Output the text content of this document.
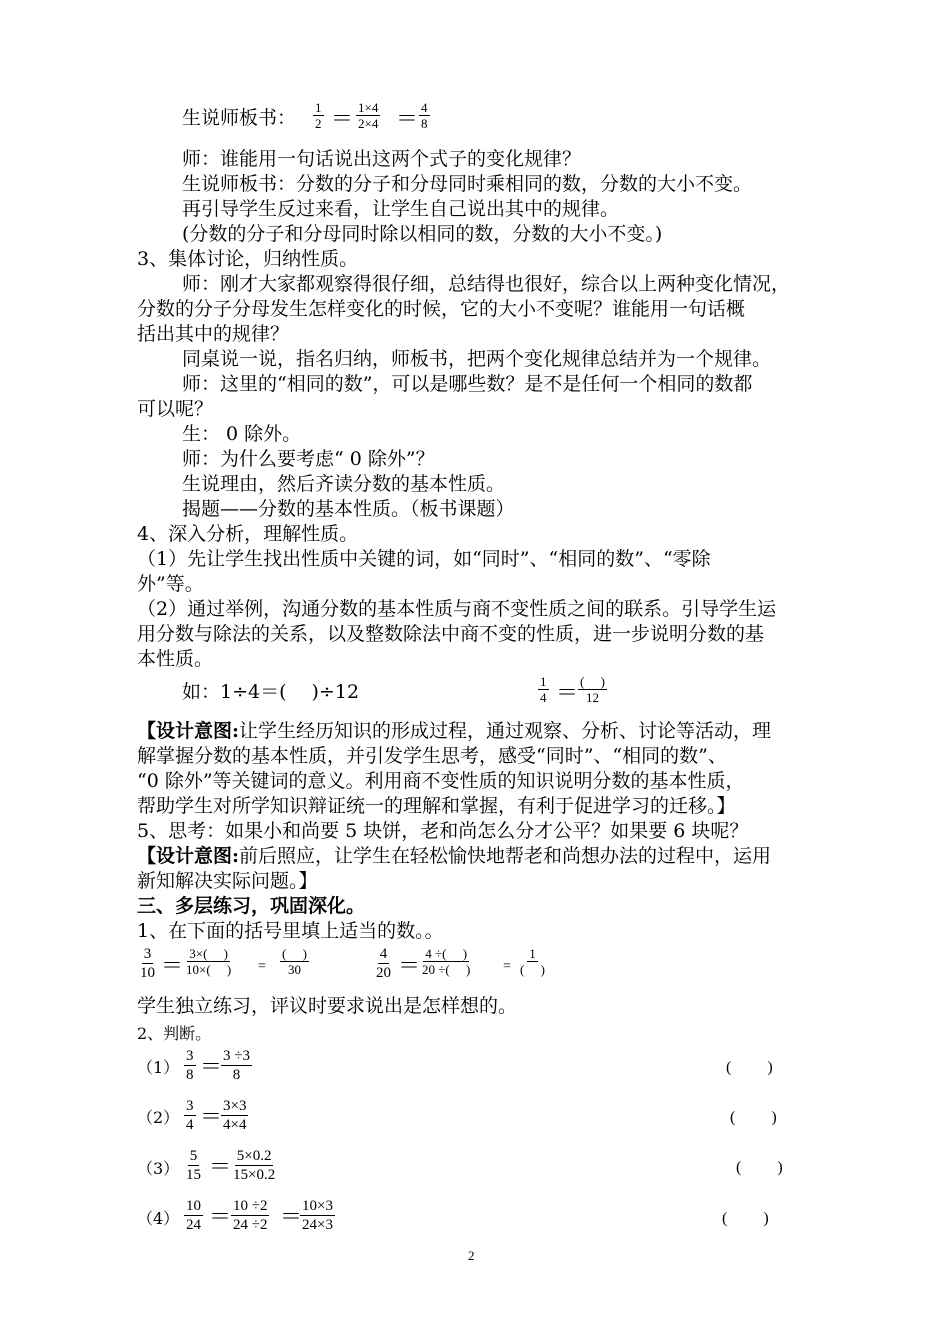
生说师板书： $\frac{1}{2} = \frac{1\times 4}{2\times 4} = \frac{4}{8}$
师：谁能用一句话说出这两个式子的变化规律？
生说师板书：分数的分子和分母同时乘相同的数，分数的大小不变。
再引导学生反过来看，让学生自己说出其中的规律。
(分数的分子和分母同时除以相同的数，分数的大小不变。)
3、集体讨论，归纳性质。
师：刚才大家都观察得很仔细，总结得也很好，综合以上两种变化情况，
分数的分子分母发生怎样变化的时候，它的大小不变呢？谁能用一句话概
括出其中的规律？
同桌说一说，指名归纳，师板书，把两个变化规律总结并为一个规律。
师：这里的“相同的数”，可以是哪些数？是不是任何一个相同的数都
可以呢？
生： 0 除外。
师：为什么要考虑“ 0 除外”？
生说理由，然后齐读分数的基本性质。
揭题——分数的基本性质。（板书课题）
4、深入分析，理解性质。
（1）先让学生找出性质中关键的词，如“同时”、“相同的数”、“零除
外”等。
（2）通过举例，沟通分数的基本性质与商不变性质之间的联系。引导学生运
用分数与除法的关系，以及整数除法中商不变的性质，进一步说明分数的基
本性质。
如：1÷4＝(　 )÷12	$\frac{1}{4}$ ＝ (　 )
12
【设计意图:让学生经历知识的形成过程，通过观察、分析、讨论等活动，理
解掌握分数的基本性质，并引发学生思考，感受“同时”、“相同的数”、
“0 除外”等关键词的意义。利用商不变性质的知识说明分数的基本性质，
帮助学生对所学知识辩证统一的理解和掌握，有利于促进学习的迁移。】
5、思考：如果小和尚要 5 块饼，老和尚怎么分才公平？如果要 6 块呢？
【设计意图:前后照应，让学生在轻松愉快地帮老和尚想办法的过程中，运用
新知解决实际问题。】
三、多层练习，巩固深化。
1、在下面的括号里填上适当的数。。
$\frac{3}{10} = \frac{3\times( )}{10\times( )}$ =
(　 )
30	$\frac{4}{20} = \frac{4 \div( )}{20 \div( )}$ =
1
(　 )
学生独立练习，评议时要求说出是怎样想的。
2、判断。
$(1) \frac{3}{8}$ ＝
$\frac{3 \div 3}{8}$	(　 　)
$(2) \frac{3}{4}$ ＝
$\frac{3\times 3}{4\times 4}$	(　 　)
$(3) \frac{5}{15} = \frac{5\times 0.2}{15\times 0.2}$	(　 　)
$(4) \frac{10}{24} = \frac{10 \div 2}{24 \div 2}$ ＝
$\frac{10\times 3}{24\times 3}$	(　 　)
2
